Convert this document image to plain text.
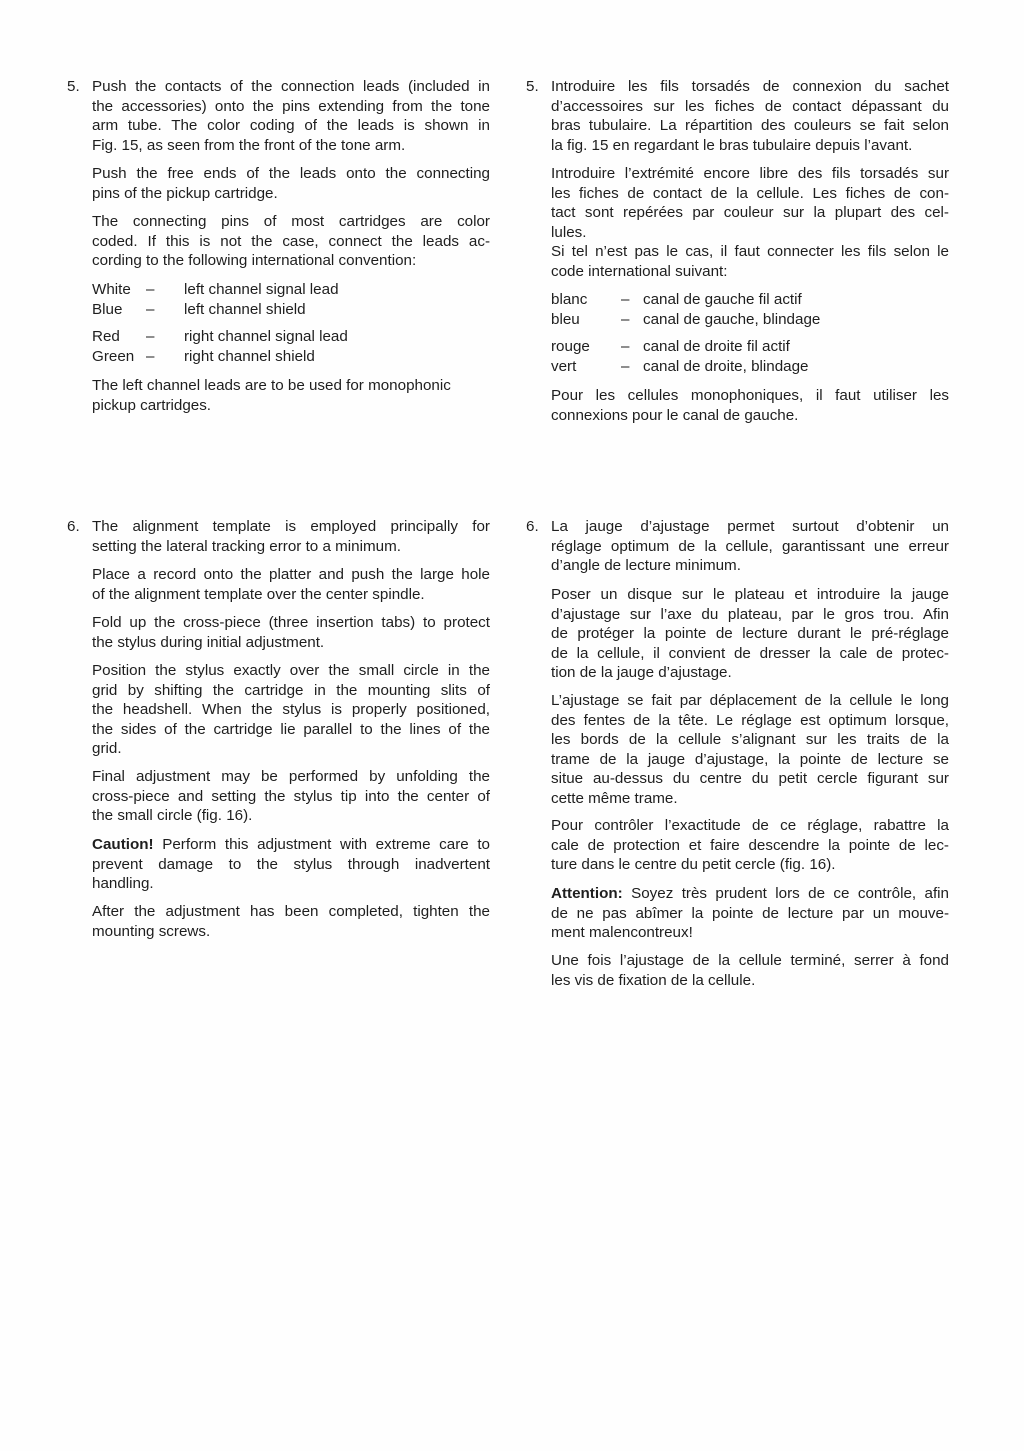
5. Push the contacts of the connection leads (included in
the accessories) onto the pins extending from the tone
arm tube. The color coding of the leads is shown in
Fig. 15, as seen from the front of the tone arm.
Push the free ends of the leads onto the connecting
pins of the pickup cartridge.
The connecting pins of most cartridges are color
coded. If this is not the case, connect the leads ac-
cording to the following international convention:
White – left channel signal lead
Blue – left channel shield
Red – right channel signal lead
Green – right channel shield
The left channel leads are to be used for monophonic
pickup cartridges.
6. The alignment template is employed principally for
setting the lateral tracking error to a minimum.
Place a record onto the platter and push the large hole
of the alignment template over the center spindle.
Fold up the cross-piece (three insertion tabs) to protect
the stylus during initial adjustment.
Position the stylus exactly over the small circle in the
grid by shifting the cartridge in the mounting slits of
the headshell. When the stylus is properly positioned,
the sides of the cartridge lie parallel to the lines of the
grid.
Final adjustment may be performed by unfolding the
cross-piece and setting the stylus tip into the center of
the small circle (fig. 16).
Caution! Perform this adjustment with extreme care to
prevent damage to the stylus through inadvertent
handling.
After the adjustment has been completed, tighten the
mounting screws.
5. Introduire les fils torsadés de connexion du sachet
d’accessoires sur les fiches de contact dépassant du
bras tubulaire. La répartition des couleurs se fait selon
la fig. 15 en regardant le bras tubulaire depuis l’avant.
Introduire l’extrémité encore libre des fils torsadés sur
les fiches de contact de la cellule. Les fiches de con-
tact sont repérées par couleur sur la plupart des cel-
lules.
Si tel n’est pas le cas, il faut connecter les fils selon le
code international suivant:
blanc – canal de gauche fil actif
bleu	– canal de gauche, blindage
rouge – canal de droite fil actif
vert	– canal de droite, blindage
Pour les cellules monophoniques, il faut utiliser les
connexions pour le canal de gauche.
6. La jauge d’ajustage permet surtout d’obtenir un
réglage optimum de la cellule, garantissant une erreur
d’angle de lecture minimum.
Poser un disque sur le plateau et introduire la jauge
d’ajustage sur l’axe du plateau, par le gros trou. Afin
de protéger la pointe de lecture durant le pré-réglage
de la cellule, il convient de dresser la cale de protec-
tion de la jauge d’ajustage.
L’ajustage se fait par déplacement de la cellule le long
des fentes de la tête. Le réglage est optimum lorsque,
les bords de la cellule s’alignant sur les traits de la
trame de la jauge d’ajustage, la pointe de lecture se
situe au-dessus du centre du petit cercle figurant sur
cette même trame.
Pour contrôler l’exactitude de ce réglage, rabattre la
cale de protection et faire descendre la pointe de lec-
ture dans le centre du petit cercle (fig. 16).
Attention: Soyez très prudent lors de ce contrôle, afin
de ne pas abîmer la pointe de lecture par un mouve-
ment malencontreux!
Une fois l’ajustage de la cellule terminé, serrer à fond
les vis de fixation de la cellule.
